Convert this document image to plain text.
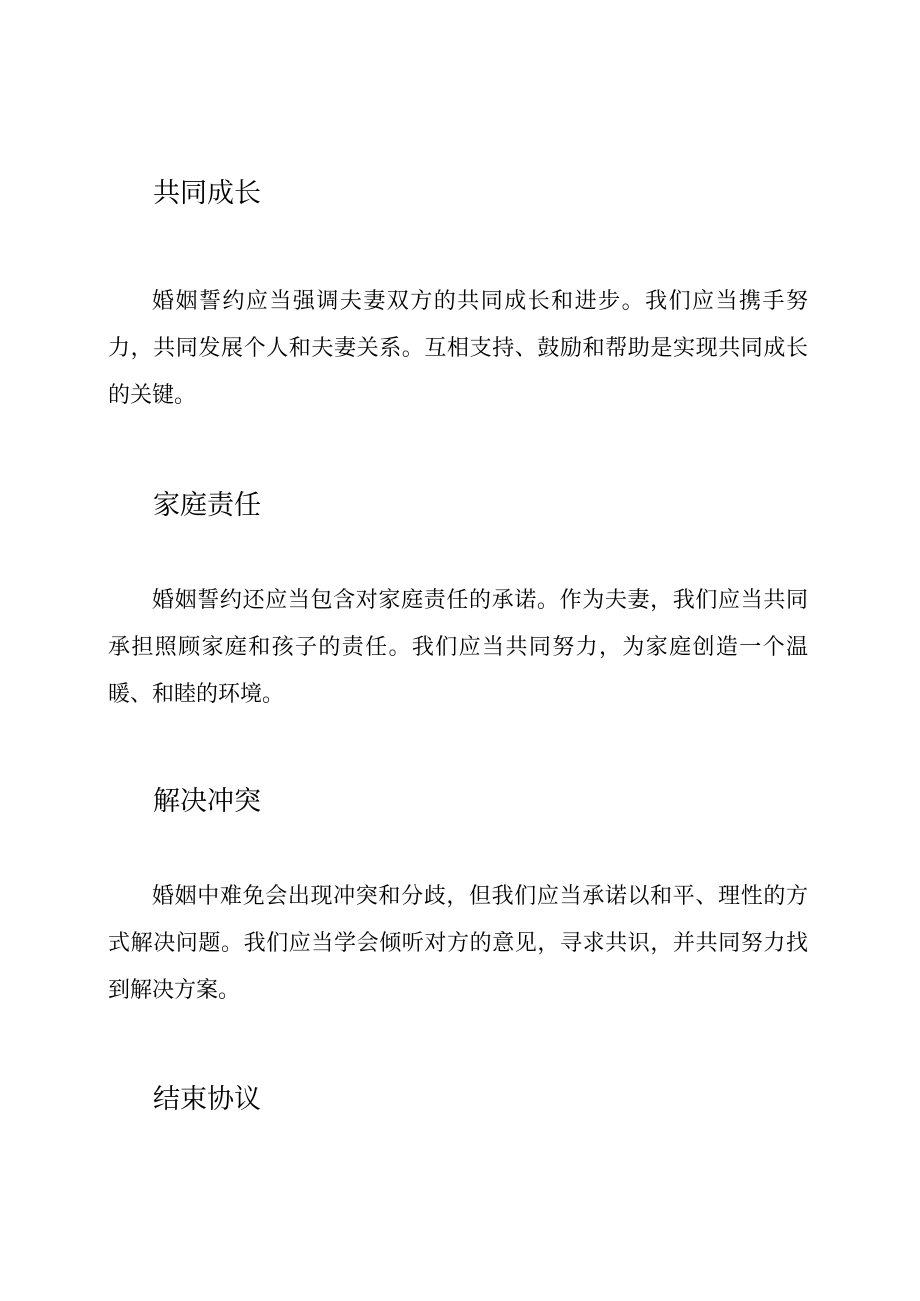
共同成长

婚姻誓约应当强调夫妻双方的共同成长和进步。我们应当携手努力，共同发展个人和夫妻关系。互相支持、鼓励和帮助是实现共同成长的关键。

家庭责任

婚姻誓约还应当包含对家庭责任的承诺。作为夫妻，我们应当共同承担照顾家庭和孩子的责任。我们应当共同努力，为家庭创造一个温暖、和睦的环境。

解决冲突

婚姻中难免会出现冲突和分歧，但我们应当承诺以和平、理性的方式解决问题。我们应当学会倾听对方的意见，寻求共识，并共同努力找到解决方案。

结束协议
